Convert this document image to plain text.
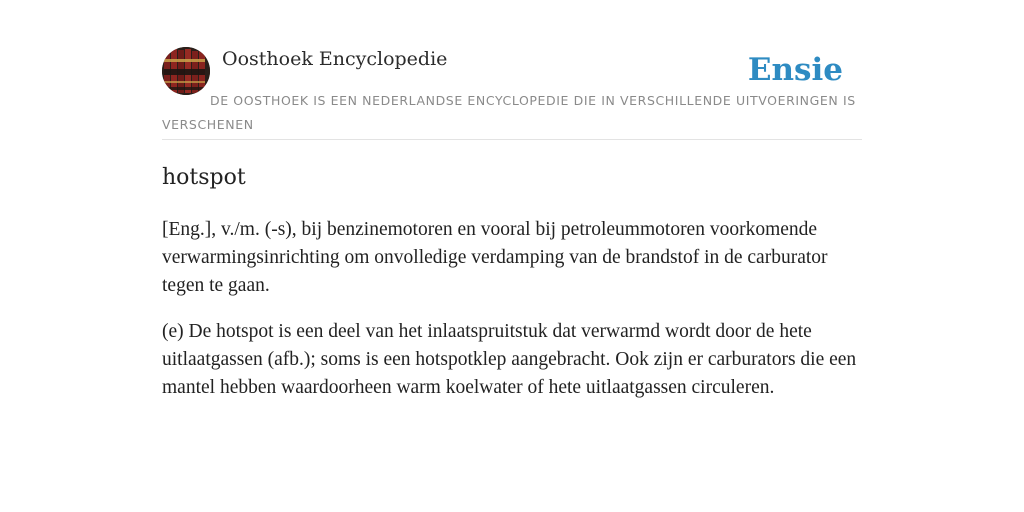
Oosthoek Encyclopedie	Ensie
DE OOSTHOEK IS EEN NEDERLANDSE ENCYCLOPEDIE DIE IN VERSCHILLENDE UITVOERINGEN IS VERSCHENEN
hotspot

[Eng.], v./m. (-s), bij benzinemotoren en vooral bij petroleummotoren voorkomende verwarmingsinrichting om onvolledige verdamping van de brandstof in de carburator tegen te gaan.

(e) De hotspot is een deel van het inlaatspruitstuk dat verwarmd wordt door de hete uitlaatgassen (afb.); soms is een hotspotklep aangebracht. Ook zijn er carburators die een mantel hebben waardoorheen warm koelwater of hete uitlaatgassen circuleren.
